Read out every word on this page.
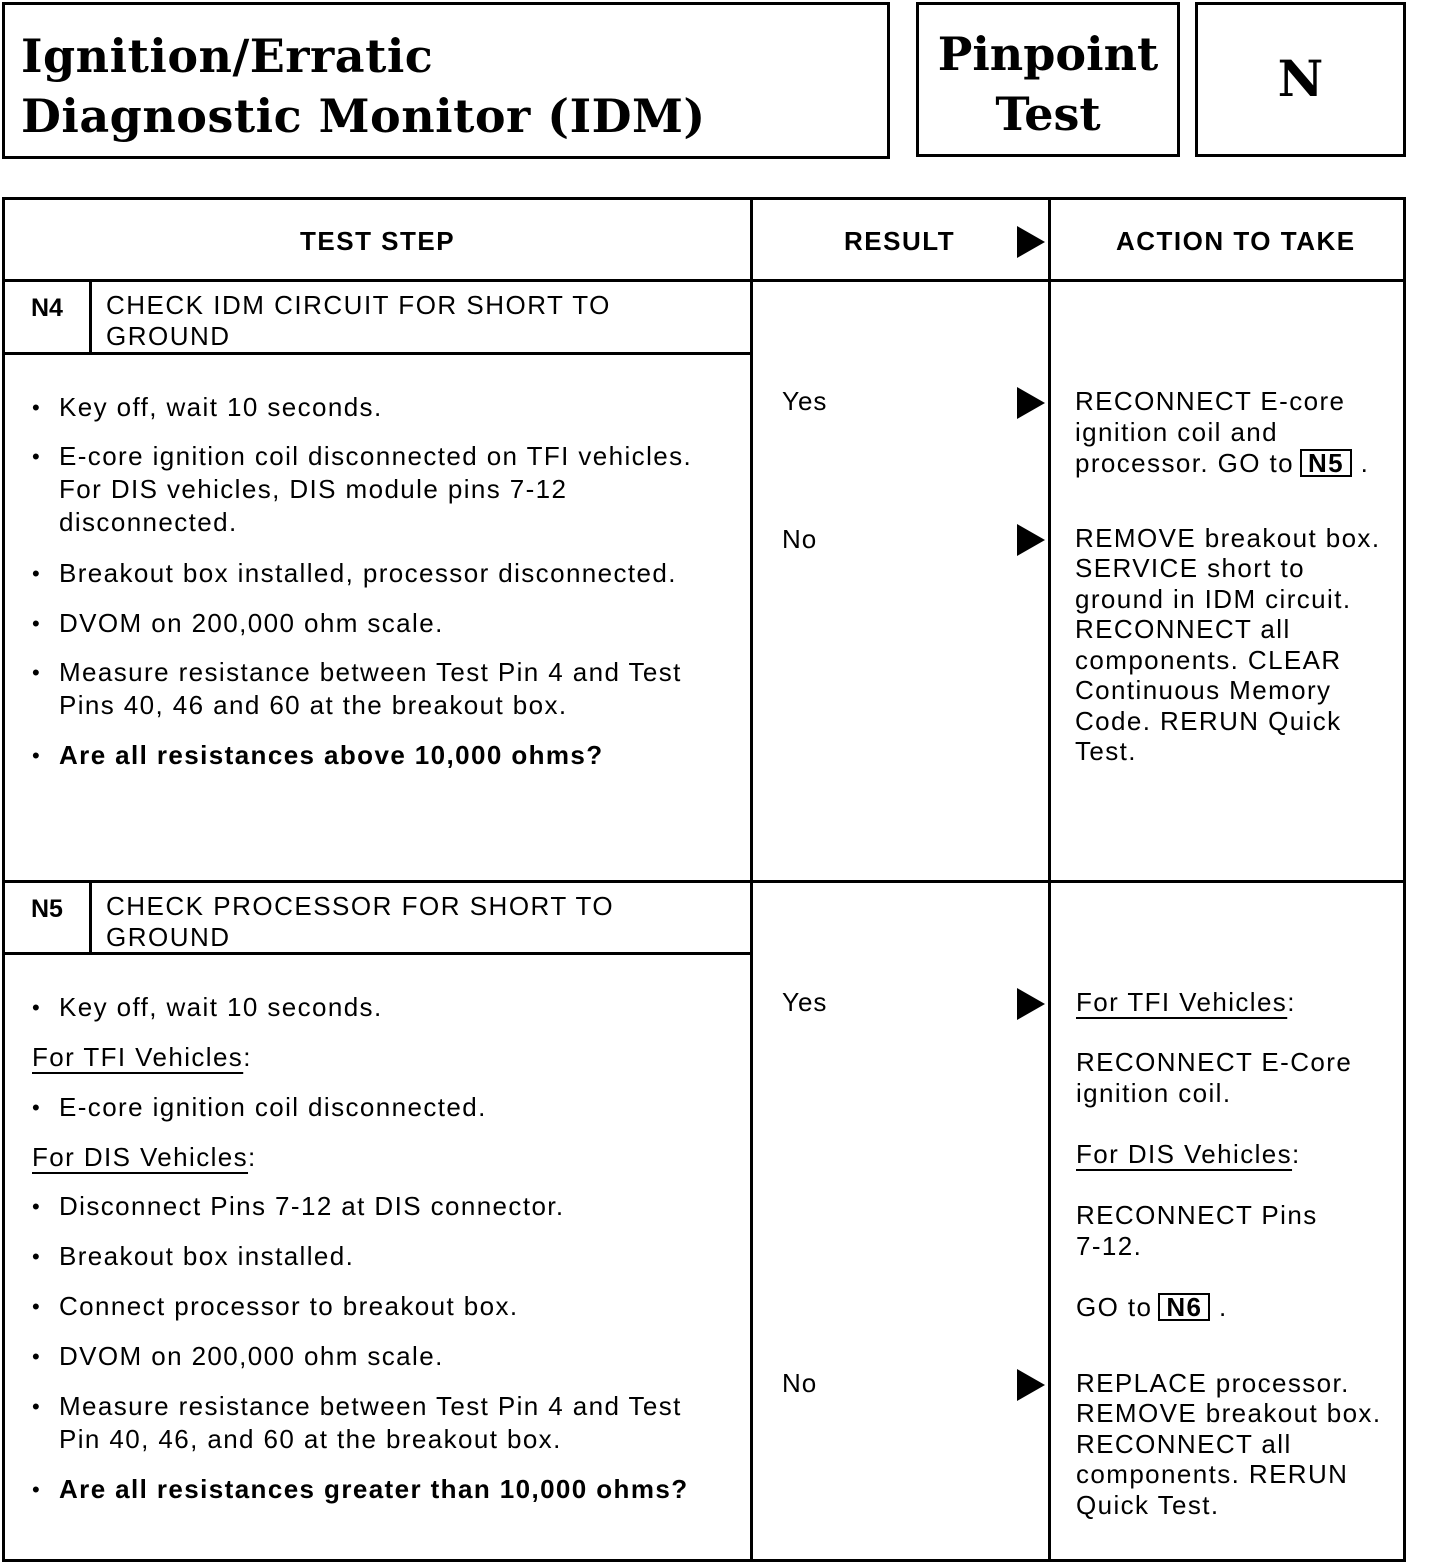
Ignition/Erratic
Diagnostic Monitor (IDM)
Pinpoint
Test
N
TEST STEP	RESULT	ACTION TO TAKE
N4 CHECK IDM CIRCUIT FOR SHORT TO
GROUND
• Key off, wait 10 seconds.
• E-core ignition coil disconnected on TFI vehicles.
For DIS vehicles, DIS module pins 7-12
disconnected.
• Breakout box installed, processor disconnected.
• DVOM on 200,000 ohm scale.
• Measure resistance between Test Pin 4 and Test
Pins 40, 46 and 60 at the breakout box.
• Are all resistances above 10,000 ohms?
Yes
No
RECONNECT E-core
ignition coil and
processor. GO to N5 .
REMOVE breakout box.
SERVICE short to
ground in IDM circuit.
RECONNECT all
components. CLEAR
Continuous Memory
Code. RERUN Quick
Test.
N5 CHECK PROCESSOR FOR SHORT TO
GROUND
• Key off, wait 10 seconds.
For TFI Vehicles:
• E-core ignition coil disconnected.
For DIS Vehicles:
• Disconnect Pins 7-12 at DIS connector.
• Breakout box installed.
• Connect processor to breakout box.
• DVOM on 200,000 ohm scale.
• Measure resistance between Test Pin 4 and Test
Pin 40, 46, and 60 at the breakout box.
• Are all resistances greater than 10,000 ohms?
Yes
No
For TFI Vehicles:
RECONNECT E-Core
ignition coil.
For DIS Vehicles:
RECONNECT Pins
7-12.
GO to N6 .
REPLACE processor.
REMOVE breakout box.
RECONNECT all
components. RERUN
Quick Test.
